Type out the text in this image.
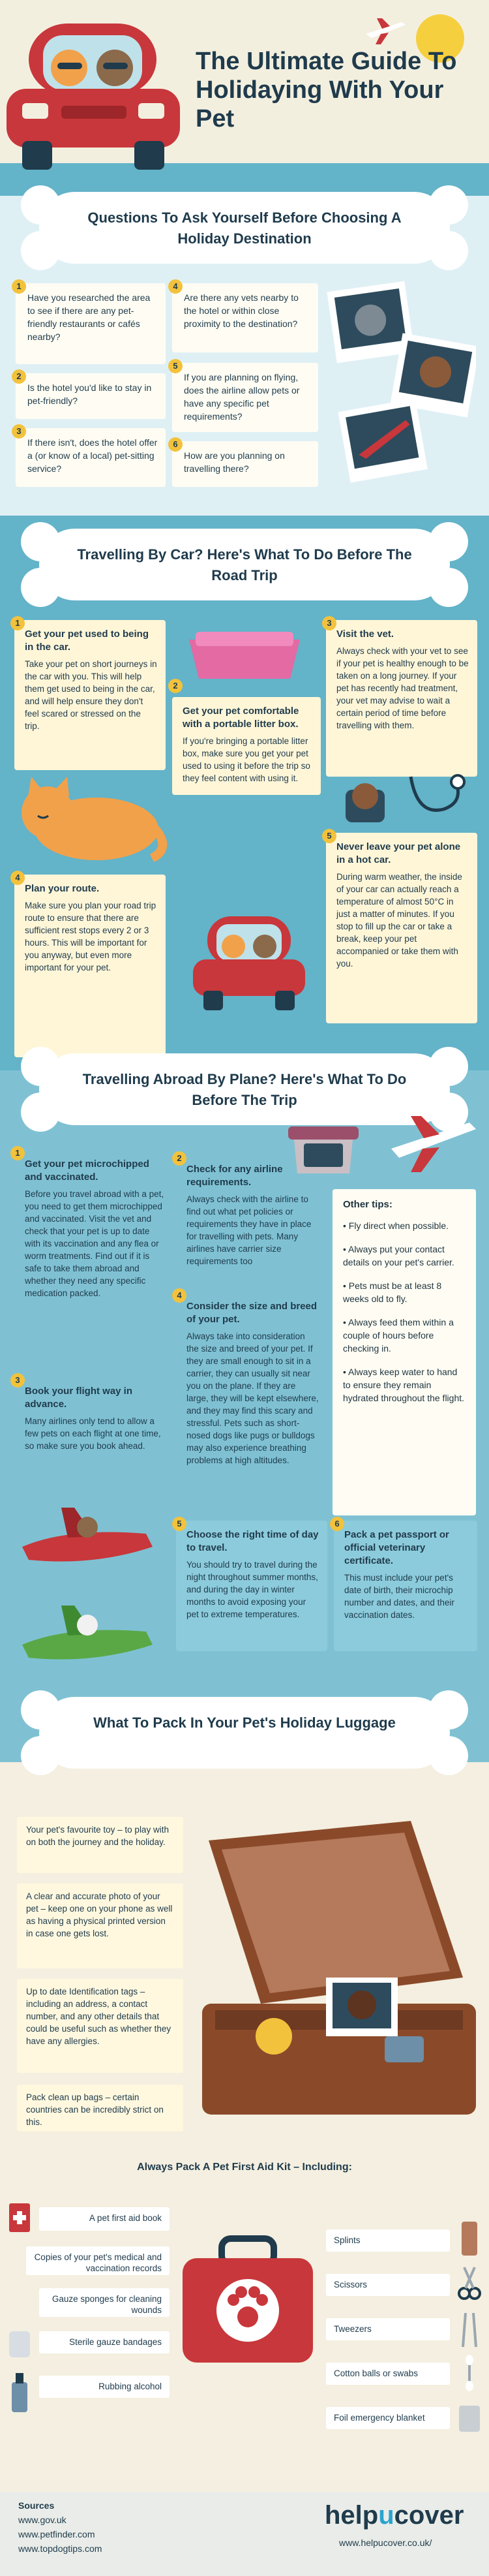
The Ultimate Guide To Holidaying With Your Pet
Questions To Ask Yourself Before Choosing A Holiday Destination
Have you researched the area to see if there are any pet-friendly restaurants or cafés nearby?
1
Is the hotel you'd like to stay in pet-friendly?
2
If there isn't, does the hotel offer a (or know of a local) pet-sitting service?
3
Are there any vets nearby to the hotel or within close proximity to the destination?
4
If you are planning on flying, does the airline allow pets or have any specific pet requirements?
5
How are you planning on travelling there?
6
Travelling By Car? Here's What To Do Before The Road Trip
Get your pet used to being in the car.
Take your pet on short journeys in the car with you. This will help them get used to being in the car, and will help ensure they don't feel scared or stressed on the trip.
1
Get your pet comfortable with a portable litter box.
If you're bringing a portable litter box, make sure you get your pet used to using it before the trip so they feel content with using it.
2
Visit the vet.
Always check with your vet to see if your pet is healthy enough to be taken on a long journey. If your pet has recently had treatment, your vet may advise to wait a certain period of time before travelling with them.
3
Plan your route.
Make sure you plan your road trip route to ensure that there are sufficient rest stops every 2 or 3 hours. This will be important for you anyway, but even more important for your pet.
4
Never leave your pet alone in a hot car.
During warm weather, the inside of your car can actually reach a temperature of almost 50°C in just a matter of minutes. If you stop to fill up the car or take a break, keep your pet accompanied or take them with you.
5
Travelling Abroad By Plane? Here's What To Do Before The Trip
Get your pet microchipped and vaccinated.
Before you travel abroad with a pet, you need to get them microchipped and vaccinated. Visit the vet and check that your pet is up to date with its vaccination and any flea or worm treatments. Find out if it is safe to take them abroad and whether they need any specific medication packed.
1
Book your flight way in advance.
Many airlines only tend to allow a few pets on each flight at one time, so make sure you book ahead.
3
Check for any airline requirements.
Always check with the airline to find out what pet policies or requirements they have in place for travelling with pets. Many airlines have carrier size requirements too
2
Consider the size and breed of your pet.
Always take into consideration the size and breed of your pet. If they are small enough to sit in a carrier, they can usually sit near you on the plane. If they are large, they will be kept elsewhere, and they may find this scary and stressful. Pets such as short-nosed dogs like pugs or bulldogs may also experience breathing problems at high altitudes.
4
Other tips:

• Fly direct when possible.

• Always put your contact details on your pet's carrier.

• Pets must be at least 8 weeks old to fly.

• Always feed them within a couple of hours before checking in.

• Always keep water to hand to ensure they remain hydrated throughout the flight.

Choose the right time of day to travel.
You should try to travel during the night throughout summer months, and during the day in winter months to avoid exposing your pet to extreme temperatures.
5
Pack a pet passport or official veterinary certificate.
This must include your pet's date of birth, their microchip number and dates, and their vaccination dates.
6
What To Pack In Your Pet's Holiday Luggage
Your pet's favourite toy – to play with on both the journey and the holiday.
A clear and accurate photo of your pet – keep one on your phone as well as having a physical printed version in case one gets lost.
Up to date Identification tags – including an address, a contact number, and any other details that could be useful such as whether they have any allergies.
Pack clean up bags – certain countries can be incredibly strict on this.
Always Pack A Pet First Aid Kit – Including:
A pet first aid book
Copies of your pet's medical and vaccination records
Gauze sponges for cleaning wounds
Sterile gauze bandages
Rubbing alcohol
Splints
Scissors
Tweezers
Cotton balls or swabs
Foil emergency blanket
Sources
www.gov.uk
www.petfinder.com
www.topdogtips.com
helpucover
www.helpucover.co.uk/
